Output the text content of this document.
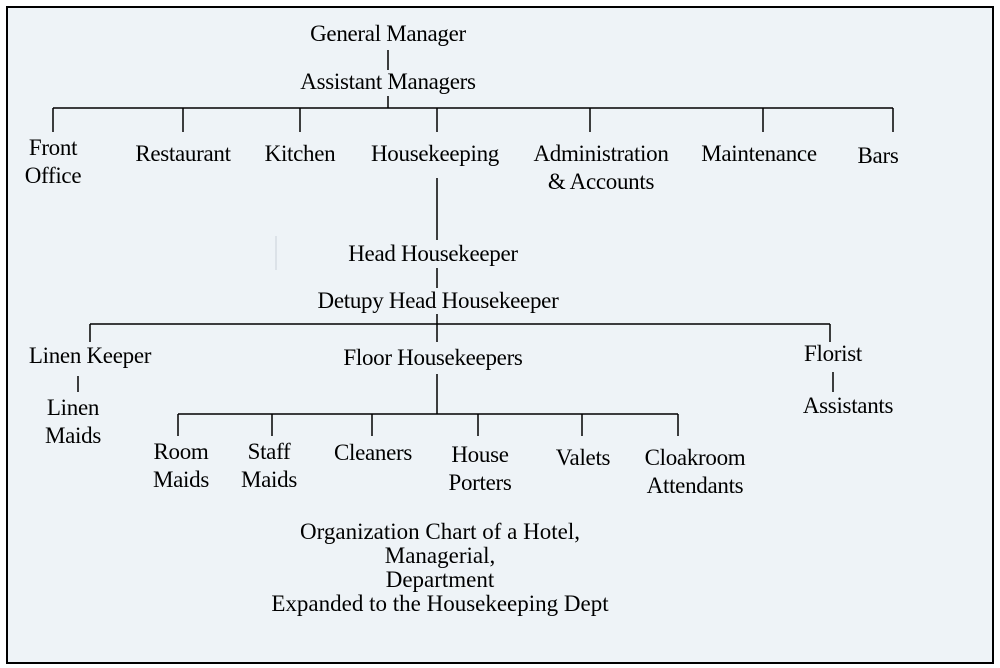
General Manager
Assistant Managers
Front
Office
Restaurant	Kitchen	Housekeeping	Administration
& Accounts
Maintenance	Bars
Head Housekeeper
Detupy Head Housekeeper
Linen Keeper
Linen
Maids
Floor Housekeepers	Florist
Assistants
Room
Maids
Staff
Maids
Cleaners	House
Porters
Valets	Cloakroom
Attendants
Organization Chart of a Hotel,
Managerial,
Department
Expanded to the Housekeeping Dept
